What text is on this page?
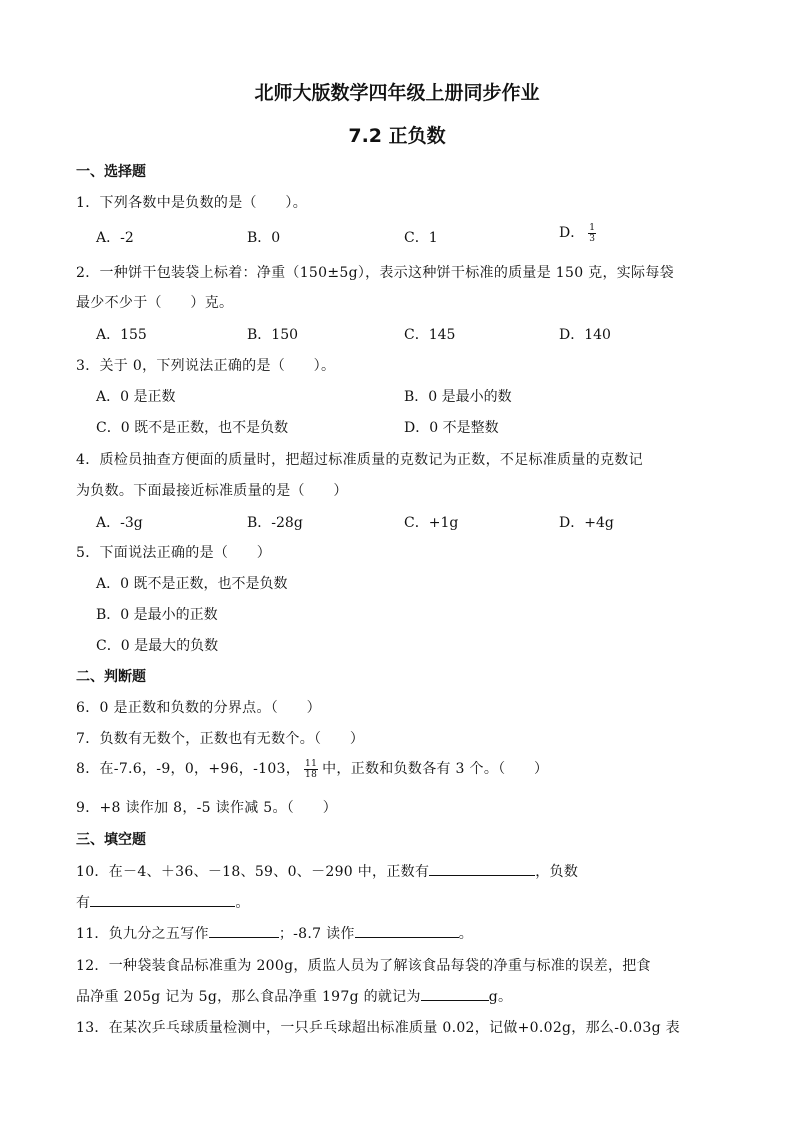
北师大版数学四年级上册同步作业
7.2 正负数
一、选择题
1．下列各数中是负数的是（　　）。
A．-2	B．0	C．1	D． $\frac{1}{3}$
2．一种饼干包装袋上标着：净重（150±5g），表示这种饼干标准的质量是 150 克，实际每袋
最少不少于（　　）克。
A．155	B．150	C．145	D．140
3．关于 0，下列说法正确的是（　　）。
A．0 是正数	B．0 是最小的数
C．0 既不是正数，也不是负数	D．0 不是整数
4．质检员抽查方便面的质量时，把超过标准质量的克数记为正数，不足标准质量的克数记
为负数。下面最接近标准质量的是（　　）
A．-3g	B．-28g	C．+1g	D．+4g
5．下面说法正确的是（　　）
A．0 既不是正数，也不是负数
B．0 是最小的正数
C．0 是最大的负数
二、判断题
6．0 是正数和负数的分界点。（　　）
7．负数有无数个，正数也有无数个。（　　）
8．在-7.6，-9，0，+96，-103， $\frac{11}{18}$ 中，正数和负数各有 3 个。（　　）
9．+8 读作加 8，-5 读作减 5。（　　）
三、填空题
10．在－4、＋36、－18、59、0、－290 中，正数有	，负数
有	。
11．负九分之五写作	；-8.7 读作	。
12．一种袋装食品标准重为 200g，质监人员为了解该食品每袋的净重与标准的误差，把食
品净重 205g 记为 5g，那么食品净重 197g 的就记为	g。
13．在某次乒乓球质量检测中，一只乒乓球超出标准质量 0.02，记做+0.02g，那么-0.03g 表
